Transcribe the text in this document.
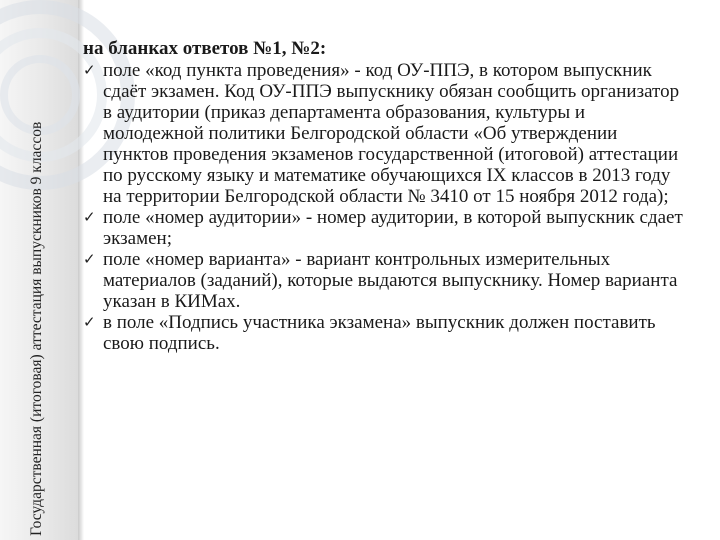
Государственная (итоговая) аттестация выпускников 9 классов

на бланках ответов №1, №2:

✓ поле «код пункта проведения» - код ОУ-ППЭ, в котором выпускник сдаёт экзамен. Код ОУ-ППЭ выпускнику обязан сообщить организатор в аудитории (приказ департамента образования, культуры и молодежной политики Белгородской области «Об утверждении пунктов проведения экзаменов государственной (итоговой) аттестации по русскому языку и математике обучающихся IX классов в 2013 году на территории Белгородской области № 3410 от 15 ноября 2012 года);
✓ поле «номер аудитории» - номер аудитории, в которой выпускник сдает экзамен;
✓ поле «номер варианта» - вариант контрольных измерительных материалов (заданий), которые выдаются выпускнику. Номер варианта указан в КИМах.
✓ в поле «Подпись участника экзамена» выпускник должен поставить свою подпись.
